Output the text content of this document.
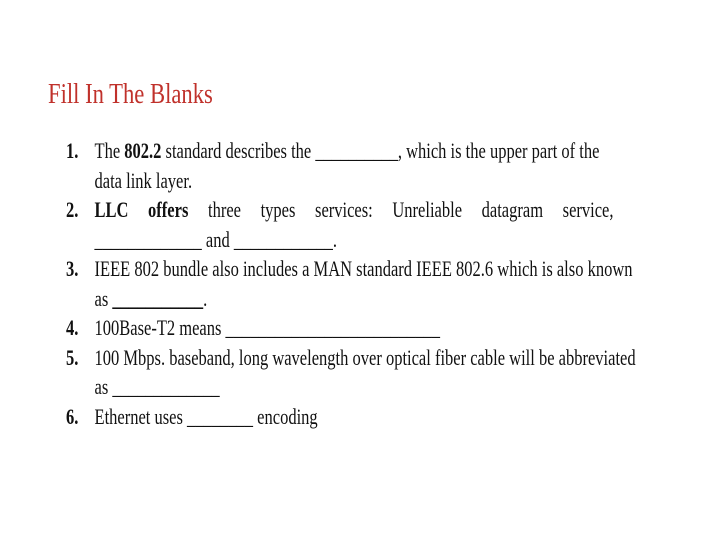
Fill In The Blanks
1. The 802.2 standard describes the __________, which is the upper part of the
data link layer.
2. LLC offers three types services: Unreliable datagram service,
_____________ and ____________.
3. IEEE 802 bundle also includes a MAN standard IEEE 802.6 which is also known
as ___________.
4. 100Base-T2 means __________________________
5. 100 Mbps. baseband, long wavelength over optical fiber cable will be abbreviated
as _____________
6. Ethernet uses ________ encoding
